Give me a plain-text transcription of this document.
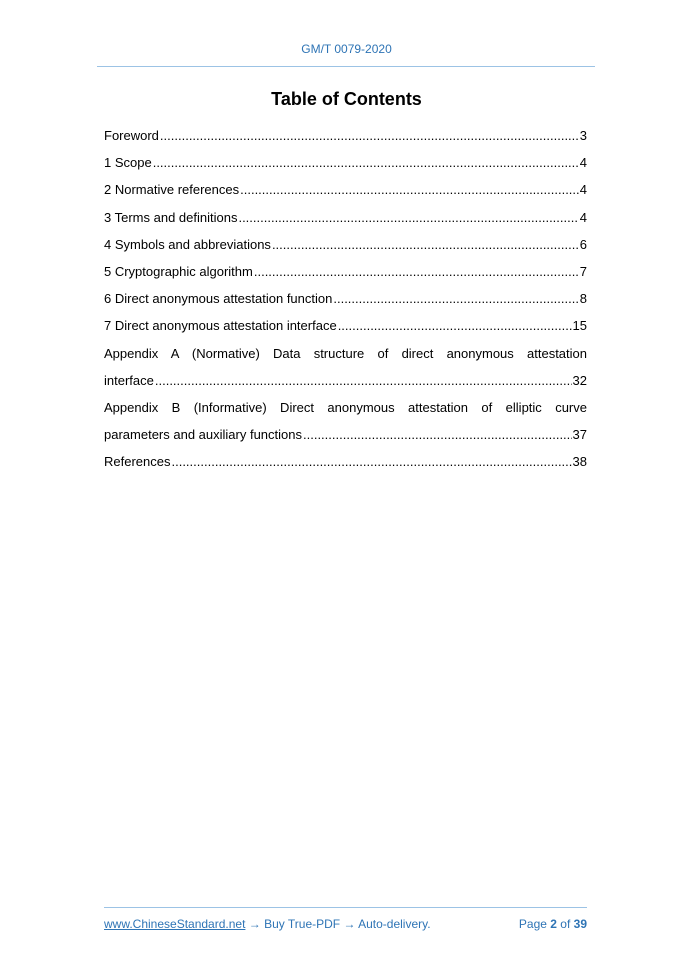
GM/T 0079-2020
Table of Contents
Foreword .....	3
1 Scope .....	4
2 Normative references .....	4
3 Terms and definitions .....	4
4 Symbols and abbreviations .....	6
5 Cryptographic algorithm .....	7
6 Direct anonymous attestation function .....	8
7 Direct anonymous attestation interface .....	15
Appendix A (Normative) Data structure of direct anonymous attestation
interface .....	32
Appendix B (Informative) Direct anonymous attestation of elliptic curve
parameters and auxiliary functions .....	37
References .....	38
www.ChineseStandard.net → Buy True-PDF → Auto-delivery.	Page 2 of 39
